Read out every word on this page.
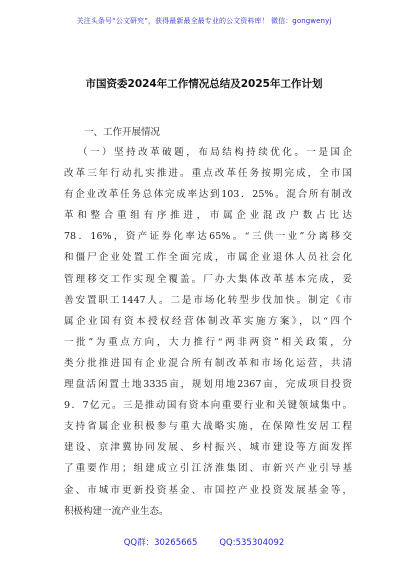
关注头条号“公文研究”，获得最新最全最专业的公文资料库！ 微信：gongwenyj
市国资委2024年工作情况总结及2025年工作计划
一、工作开展情况
（一）坚持改革破题，布局结构持续优化。一是国企
改革三年行动扎实推进。重点改革任务按期完成，全市国
有企业改革任务总体完成率达到103．25%。混合所有制改
革和整合重组有序推进，市属企业混改户数占比达
78．16%，资产证券化率达65%。“三供一业”分离移交
和僵尸企业处置工作全面完成，市属企业退休人员社会化
管理移交工作实现全覆盖。厂办大集体改革基本完成，妥
善安置职工1447人。二是市场化转型步伐加快。制定《市
属企业国有资本授权经营体制改革实施方案》，以“四个
一批”为重点方向，大力推行“两非两资”相关政策，分
类分批推进国有企业混合所有制改革和市场化运营，共清
理盘活闲置土地3335亩，规划用地2367亩，完成项目投资
9．7亿元。三是推动国有资本向重要行业和关键领域集中。
支持省属企业积极参与重大战略实施，在保障性安居工程
建设、京津冀协同发展、乡村振兴、城市建设等方面发挥
了重要作用；组建成立引江济淮集团、市新兴产业引导基
金、市城市更新投资基金、市国控产业投资发展基金等，
积极构建一流产业生态。
QQ群：30265665	QQ:535304092
